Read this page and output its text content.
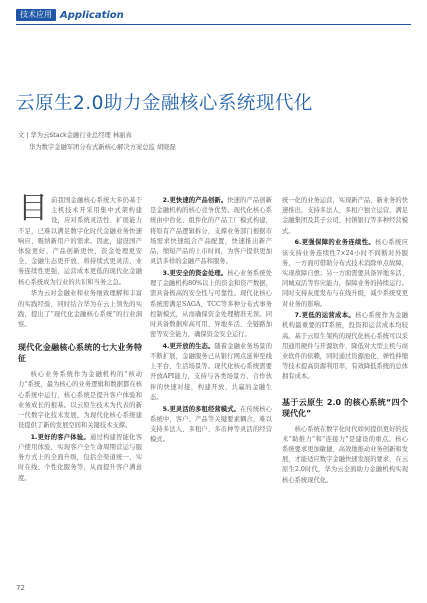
技术应用 Application
云原生2.0助力金融核心系统现代化
文 | 华为云Stack金融行业总经理 林丽真
华为数字金融军团分布式新核心解决方案总监 胡晓磊

目前我国金融核心系统大多仍基于主机技术开采用集中式架构建设，应对系统灵活性、扩展能力不足，已难以满足数字化时代金融业务快速响应、吸纳新用户的需求。因此，建设国产体验更好、产品创新更快、资金处理更安全、金融生态更开放、将持续式更灵活、业务连续性更强、运营成本更低的现代化金融核心系统成为行业的共识和当务之急。

华为云对金融业和业务细致理解和丰富的实践经验，同时结合华为在云上领先的实践，提出了“现代化金融核心系统”的行业洞察。

现代化金融核心系统的七大业务特征

核心业务系统作为金融机构的“核动力”系统，最为核心的业务逻辑和数据都在核心系统中运行，核心系统是提升客户体验和业务成长的根基。以云原生技术为代表的新一代数字化技术发展，为现代化核心系统建设提供了新的发展空间和关键技术支撑。

1.更好的客户体验。通过构建智能化客户使用体验，实现客户全生命周期营运与服务方式上的全面升级，包括全渠道统一、实时在线、个性化服务等，从而提升客户满意度。

2.更快速的产品创新。快速的产品创新是金融机构的核心竞争优势。现代化核心系统由中台化、组件化的产品工厂模式构建，将原有产品逻辑拆分，支撑业务部门根据市场需求快速组合产品配置，快速推出新产品，缩短产品的上市时间，为客户提供更加灵活多样的金融产品和服务。

3.更安全的资金处理。核心业务系统处理了金融机构80%以上的资金和资产数据，需具备极高的安全性与可靠性。现代化核心系统需满足SAGA、TCC等多种分布式事务控制模式，从而确保资金处理精准无误。同时具备数据库高可用、异地多活、全链路加密等安全能力，确保资金安全运行。

4.更开放的生态。随着金融业务场景的不断扩展，金融服务已从银行网点延伸至线上平台、生活场景等。现代化核心系统需要开放API能力，支持与各类场景方、合作伙伴的快速对接，构建开放、共赢的金融生态。

5.更灵活的多租经营模式。在传统核心系统中，客户、产品等关键要素耦合，难以支持多法人、多租户、多币种等灵活的经营模式。

统一化的业务运营，实现新产品、新业务的快速推出，支持多法人、多租户独立运营，满足金融集团及其子公司、村镇银行等多种经营模式。

6.更强保障的业务连续性。核心系统应该支持业务连续性7×24小时不间断对外服务，一方面可借助分布式技术消除单点故障，实现故障自愈；另一方面需要具备异地多活、同城双活等容灾能力，保障业务的持续运行。同时支持灰度发布与在线升级，减少系统变更对业务的影响。

7.更低的运营成本。核心系统作为金融机构最重要的IT系统，投资和运营成本均较高。基于云原生架构的现代化核心系统可以采用通用硬件与开源软件，降低对大型主机与商业软件的依赖，同时通过资源池化、弹性伸缩等技术提高资源利用率，有效降低系统的总体拥有成本。

基于云原生 2.0 的核心系统“四个现代化”

核心系统在数字化时代如何提供更好的技术“助推力”和“连接力”是建设的重点。核心系统要求更加敏捷、高效地推动业务创新和发展，才能适应数字金融快速发展的要求，在云原生2.0时代，华为云全面助力金融机构实现核心系统现代化。

72
